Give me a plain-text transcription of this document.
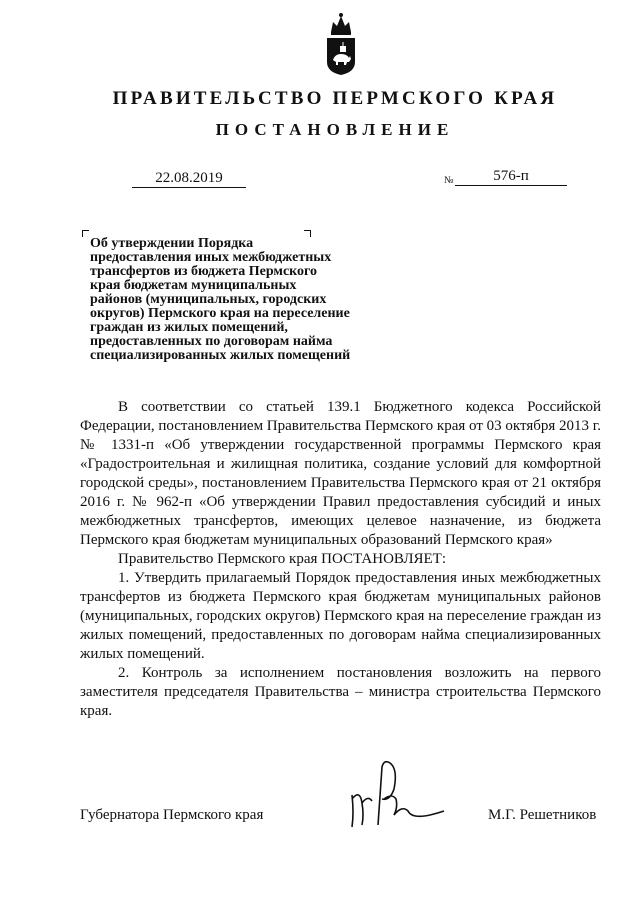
ПРАВИТЕЛЬСТВО ПЕРМСКОГО КРАЯ
ПОСТАНОВЛЕНИЕ
22.08.2019	№	576-п
Об утверждении Порядка
предоставления иных межбюджетных
трансфертов из бюджета Пермского
края бюджетам муниципальных
районов (муниципальных, городских
округов) Пермского края на переселение
граждан из жилых помещений,
предоставленных по договорам найма
специализированных жилых помещений

В соответствии со статьей 139.1 Бюджетного кодекса Российской Федерации, постановлением Правительства Пермского края от 03 октября 2013 г. № 1331-п «Об утверждении государственной программы Пермского края «Градостроительная и жилищная политика, создание условий для комфортной городской среды», постановлением Правительства Пермского края от 21 октября 2016 г. № 962-п «Об утверждении Правил предоставления субсидий и иных межбюджетных трансфертов, имеющих целевое назначение, из бюджета Пермского края бюджетам муниципальных образований Пермского края»

Правительство Пермского края ПОСТАНОВЛЯЕТ:

1. Утвердить прилагаемый Порядок предоставления иных межбюджетных трансфертов из бюджета Пермского края бюджетам муниципальных районов (муниципальных, городских округов) Пермского края на переселение граждан из жилых помещений, предоставленных по договорам найма специализированных жилых помещений.

2. Контроль за исполнением постановления возложить на первого заместителя председателя Правительства – министра строительства Пермского края.

Губернатора Пермского края	М.Г. Решетников
